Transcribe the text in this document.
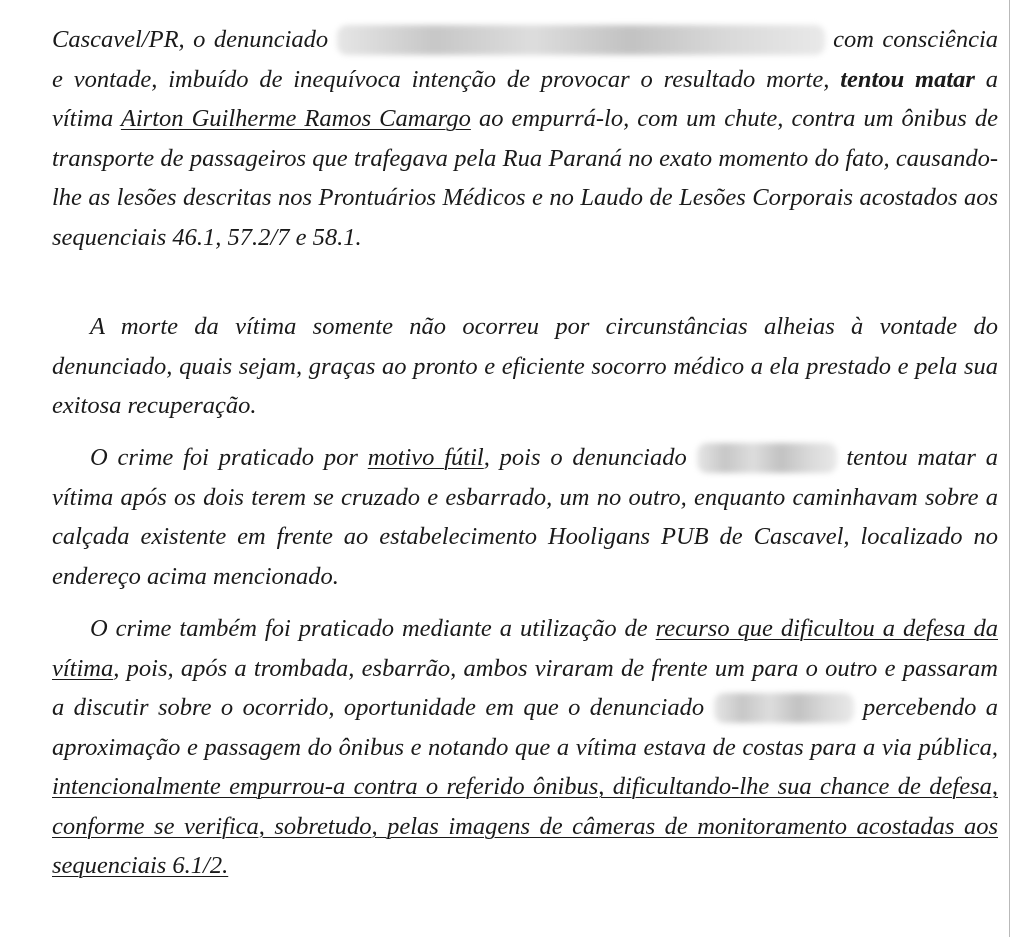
Cascavel/PR, o denunciado	com consciência e vontade, imbuído de inequívoca intenção de provocar o resultado morte, tentou matar a vítima Airton Guilherme Ramos Camargo ao empurrá-lo, com um chute, contra um ônibus de transporte de passageiros que trafegava pela Rua Paraná no exato momento do fato, causando-lhe as lesões descritas nos Prontuários Médicos e no Laudo de Lesões Corporais acostados aos sequenciais 46.1, 57.2/7 e 58.1.

A morte da vítima somente não ocorreu por circunstâncias alheias à vontade do denunciado, quais sejam, graças ao pronto e eficiente socorro médico a ela prestado e pela sua exitosa recuperação.

O crime foi praticado por motivo fútil, pois o denunciado	tentou matar a vítima após os dois terem se cruzado e esbarrado, um no outro, enquanto caminhavam sobre a calçada existente em frente ao estabelecimento Hooligans PUB de Cascavel, localizado no endereço acima mencionado.

O crime também foi praticado mediante a utilização de recurso que dificultou a defesa da vítima, pois, após a trombada, esbarrão, ambos viraram de frente um para o outro e passaram a discutir sobre o ocorrido, oportunidade em que o denunciado	percebendo a aproximação e passagem do ônibus e notando que a vítima estava de costas para a via pública, intencionalmente empurrou-a contra o referido ônibus, dificultando-lhe sua chance de defesa, conforme se verifica, sobretudo, pelas imagens de câmeras de monitoramento acostadas aos sequenciais 6.1/2.
